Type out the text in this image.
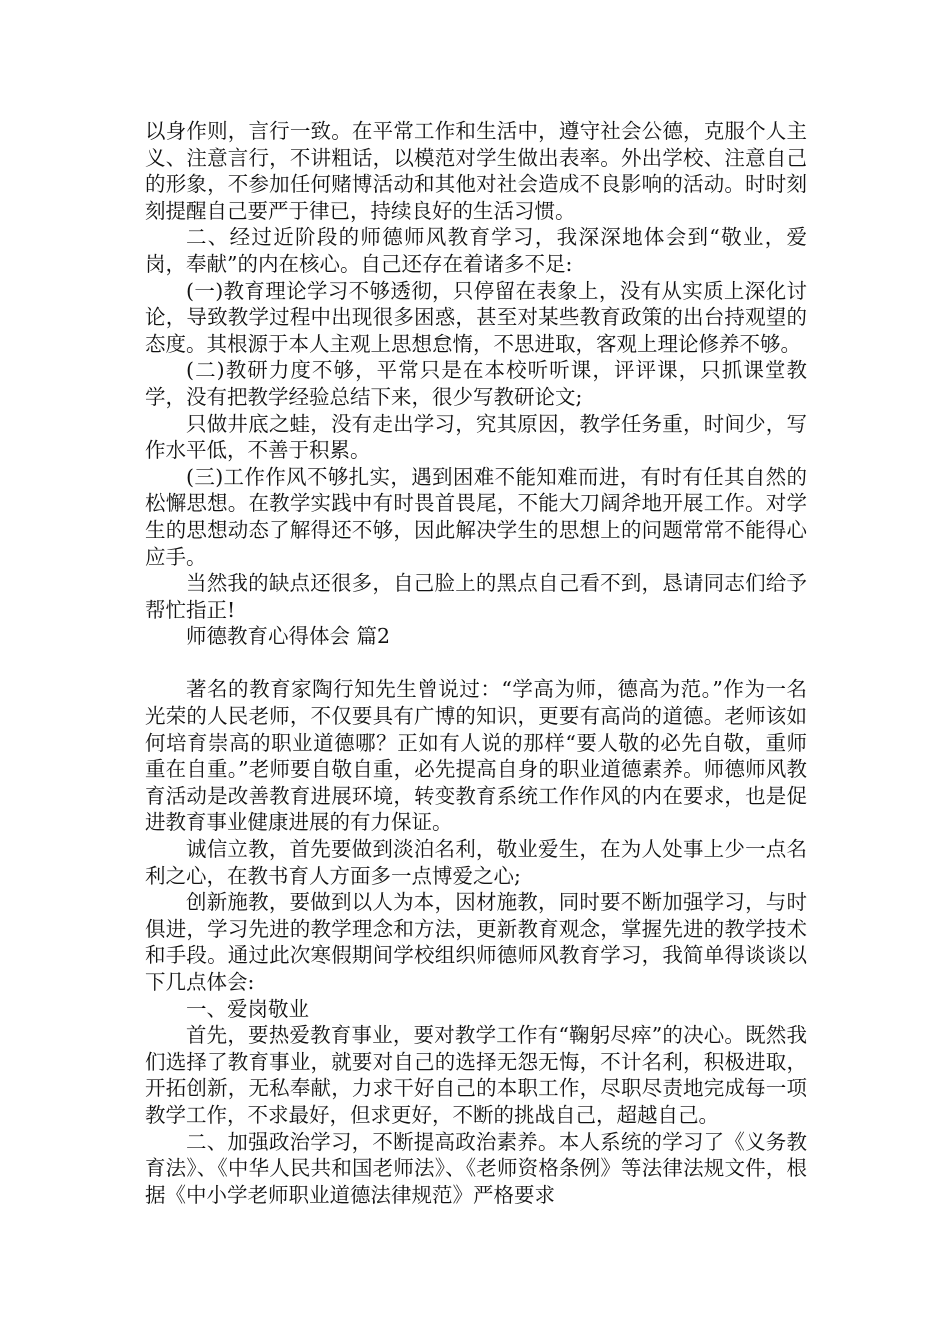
以身作则，言行一致。在平常工作和生活中，遵守社会公德，克服个人主义、注意言行，不讲粗话，以模范对学生做出表率。外出学校、注意自己的形象，不参加任何赌博活动和其他对社会造成不良影响的活动。时时刻刻提醒自己要严于律已，持续良好的生活习惯。

二、经过近阶段的师德师风教育学习，我深深地体会到“敬业，爱岗，奉献”的内在核心。自己还存在着诸多不足:

(一)教育理论学习不够透彻，只停留在表象上，没有从实质上深化讨论，导致教学过程中出现很多困惑，甚至对某些教育政策的出台持观望的态度。其根源于本人主观上思想怠惰，不思进取，客观上理论修养不够。

(二)教研力度不够，平常只是在本校听听课，评评课，只抓课堂教学，没有把教学经验总结下来，很少写教研论文;

只做井底之蛙，没有走出学习，究其原因，教学任务重，时间少，写作水平低，不善于积累。

(三)工作作风不够扎实，遇到困难不能知难而进，有时有任其自然的松懈思想。在教学实践中有时畏首畏尾，不能大刀阔斧地开展工作。对学生的思想动态了解得还不够，因此解决学生的思想上的问题常常不能得心应手。

当然我的缺点还很多，自己脸上的黑点自己看不到，恳请同志们给予帮忙指正!

师德教育心得体会 篇2

著名的教育家陶行知先生曾说过：“学高为师，德高为范。”作为一名光荣的人民老师，不仅要具有广博的知识，更要有高尚的道德。老师该如何培育崇高的职业道德哪？正如有人说的那样“要人敬的必先自敬，重师重在自重。”老师要自敬自重，必先提高自身的职业道德素养。师德师风教育活动是改善教育进展环境，转变教育系统工作作风的内在要求，也是促进教育事业健康进展的有力保证。

诚信立教，首先要做到淡泊名利，敬业爱生，在为人处事上少一点名利之心，在教书育人方面多一点博爱之心;

创新施教，要做到以人为本，因材施教，同时要不断加强学习，与时俱进，学习先进的教学理念和方法，更新教育观念，掌握先进的教学技术和手段。通过此次寒假期间学校组织师德师风教育学习，我简单得谈谈以下几点体会:

一、爱岗敬业

首先，要热爱教育事业，要对教学工作有“鞠躬尽瘁”的决心。既然我们选择了教育事业，就要对自己的选择无怨无悔，不计名利，积极进取，开拓创新，无私奉献，力求干好自己的本职工作，尽职尽责地完成每一项教学工作，不求最好，但求更好，不断的挑战自己，超越自己。

二、加强政治学习，不断提高政治素养。本人系统的学习了《义务教育法》、《中华人民共和国老师法》、《老师资格条例》等法律法规文件，根据《中小学老师职业道德法律规范》严格要求
